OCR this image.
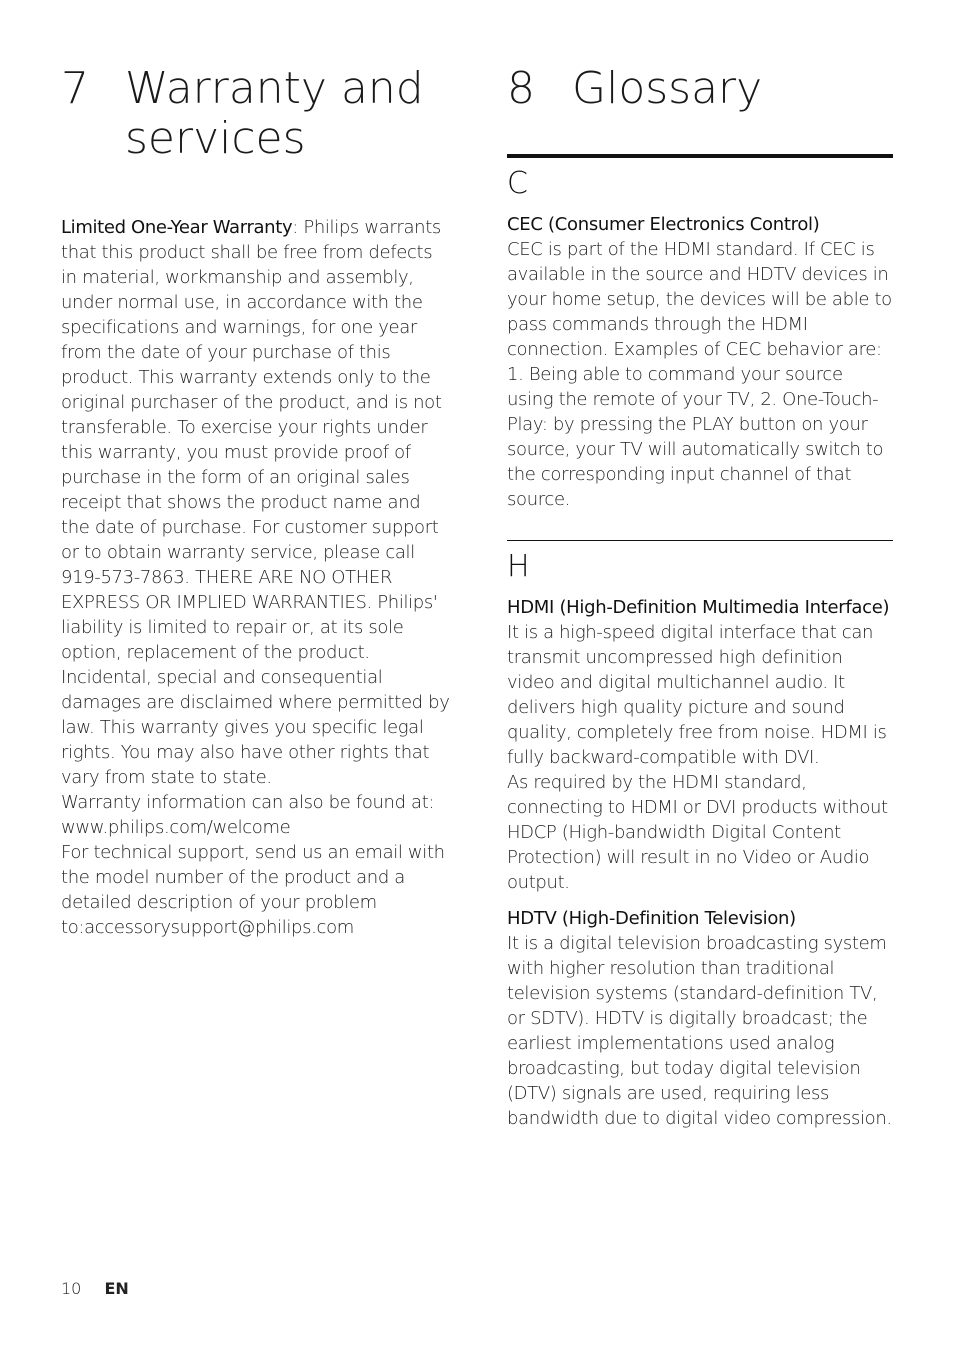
7 Warranty and services

Limited One-Year Warranty: Philips warrants that this product shall be free from defects in material, workmanship and assembly, under normal use, in accordance with the specifications and warnings, for one year from the date of your purchase of this product. This warranty extends only to the original purchaser of the product, and is not transferable. To exercise your rights under this warranty, you must provide proof of purchase in the form of an original sales receipt that shows the product name and the date of purchase. For customer support or to obtain warranty service, please call 919-573-7863. THERE ARE NO OTHER EXPRESS OR IMPLIED WARRANTIES. Philips' liability is limited to repair or, at its sole option, replacement of the product. Incidental, special and consequential damages are disclaimed where permitted by law. This warranty gives you specific legal rights. You may also have other rights that vary from state to state.

Warranty information can also be found at: www.philips.com/welcome

For technical support, send us an email with the model number of the product and a detailed description of your problem to:accessorysupport@philips.com

8 Glossary
C
CEC (Consumer Electronics Control)

CEC is part of the HDMI standard. If CEC is available in the source and HDTV devices in your home setup, the devices will be able to pass commands through the HDMI connection. Examples of CEC behavior are: 1. Being able to command your source using the remote of your TV, 2. One-Touch-Play: by pressing the PLAY button on your source, your TV will automatically switch to the corresponding input channel of that source.

H
HDMI (High-Definition Multimedia Interface)

It is a high-speed digital interface that can transmit uncompressed high definition video and digital multichannel audio. It delivers high quality picture and sound quality, completely free from noise. HDMI is fully backward-compatible with DVI.

As required by the HDMI standard, connecting to HDMI or DVI products without HDCP (High-bandwidth Digital Content Protection) will result in no Video or Audio output.

HDTV (High-Definition Television)

It is a digital television broadcasting system with higher resolution than traditional television systems (standard-definition TV, or SDTV). HDTV is digitally broadcast; the earliest implementations used analog broadcasting, but today digital television (DTV) signals are used, requiring less bandwidth due to digital video compression.

10 EN
